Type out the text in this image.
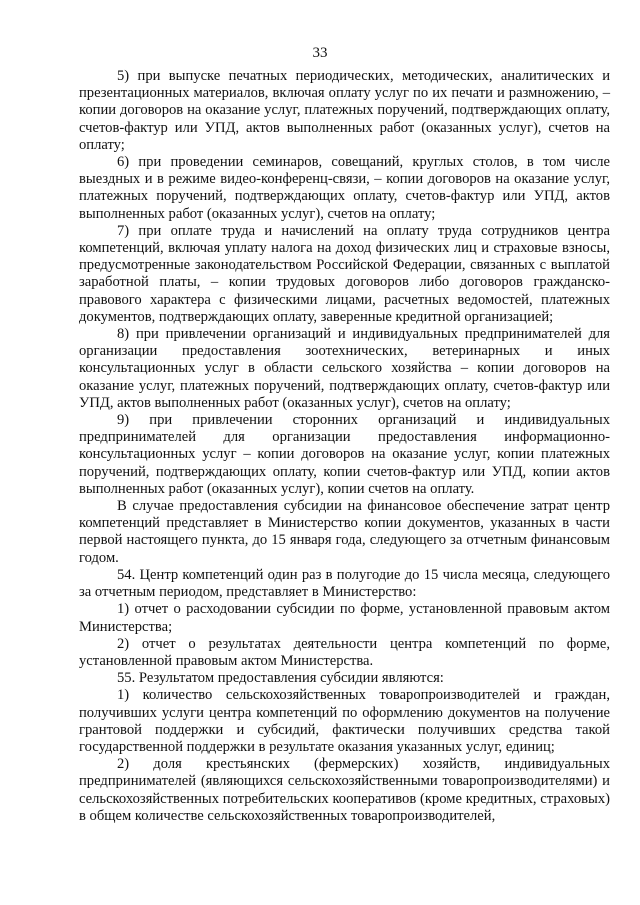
33

5) при выпуске печатных периодических, методических, аналитических и презентационных материалов, включая оплату услуг по их печати и размножению, – копии договоров на оказание услуг, платежных поручений, подтверждающих оплату, счетов-фактур или УПД, актов выполненных работ (оказанных услуг), счетов на оплату;

6) при проведении семинаров, совещаний, круглых столов, в том числе выездных и в режиме видео-конференц-связи, – копии договоров на оказание услуг, платежных поручений, подтверждающих оплату, счетов-фактур или УПД, актов выполненных работ (оказанных услуг), счетов на оплату;

7) при оплате труда и начислений на оплату труда сотрудников центра компетенций, включая уплату налога на доход физических лиц и страховые взносы, предусмотренные законодательством Российской Федерации, связанных с выплатой заработной платы, – копии трудовых договоров либо договоров гражданско-правового характера с физическими лицами, расчетных ведомостей, платежных документов, подтверждающих оплату, заверенные кредитной организацией;

8) при привлечении организаций и индивидуальных предпринимателей для организации предоставления зоотехнических, ветеринарных и иных консультационных услуг в области сельского хозяйства – копии договоров на оказание услуг, платежных поручений, подтверждающих оплату, счетов-фактур или УПД, актов выполненных работ (оказанных услуг), счетов на оплату;

9) при привлечении сторонних организаций и индивидуальных предпринимателей для организации предоставления информационно-консультационных услуг – копии договоров на оказание услуг, копии платежных поручений, подтверждающих оплату, копии счетов-фактур или УПД, копии актов выполненных работ (оказанных услуг), копии счетов на оплату.

В случае предоставления субсидии на финансовое обеспечение затрат центр компетенций представляет в Министерство копии документов, указанных в части первой настоящего пункта, до 15 января года, следующего за отчетным финансовым годом.

54. Центр компетенций один раз в полугодие до 15 числа месяца, следующего за отчетным периодом, представляет в Министерство:

1) отчет о расходовании субсидии по форме, установленной правовым актом Министерства;

2) отчет о результатах деятельности центра компетенций по форме, установленной правовым актом Министерства.

55. Результатом предоставления субсидии являются:

1) количество сельскохозяйственных товаропроизводителей и граждан, получивших услуги центра компетенций по оформлению документов на получение грантовой поддержки и субсидий, фактически получивших средства такой государственной поддержки в результате оказания указанных услуг, единиц;

2) доля крестьянских (фермерских) хозяйств, индивидуальных предпринимателей (являющихся сельскохозяйственными товаропроизводителями) и сельскохозяйственных потребительских кооперативов (кроме кредитных, страховых) в общем количестве сельскохозяйственных товаропроизводителей,
